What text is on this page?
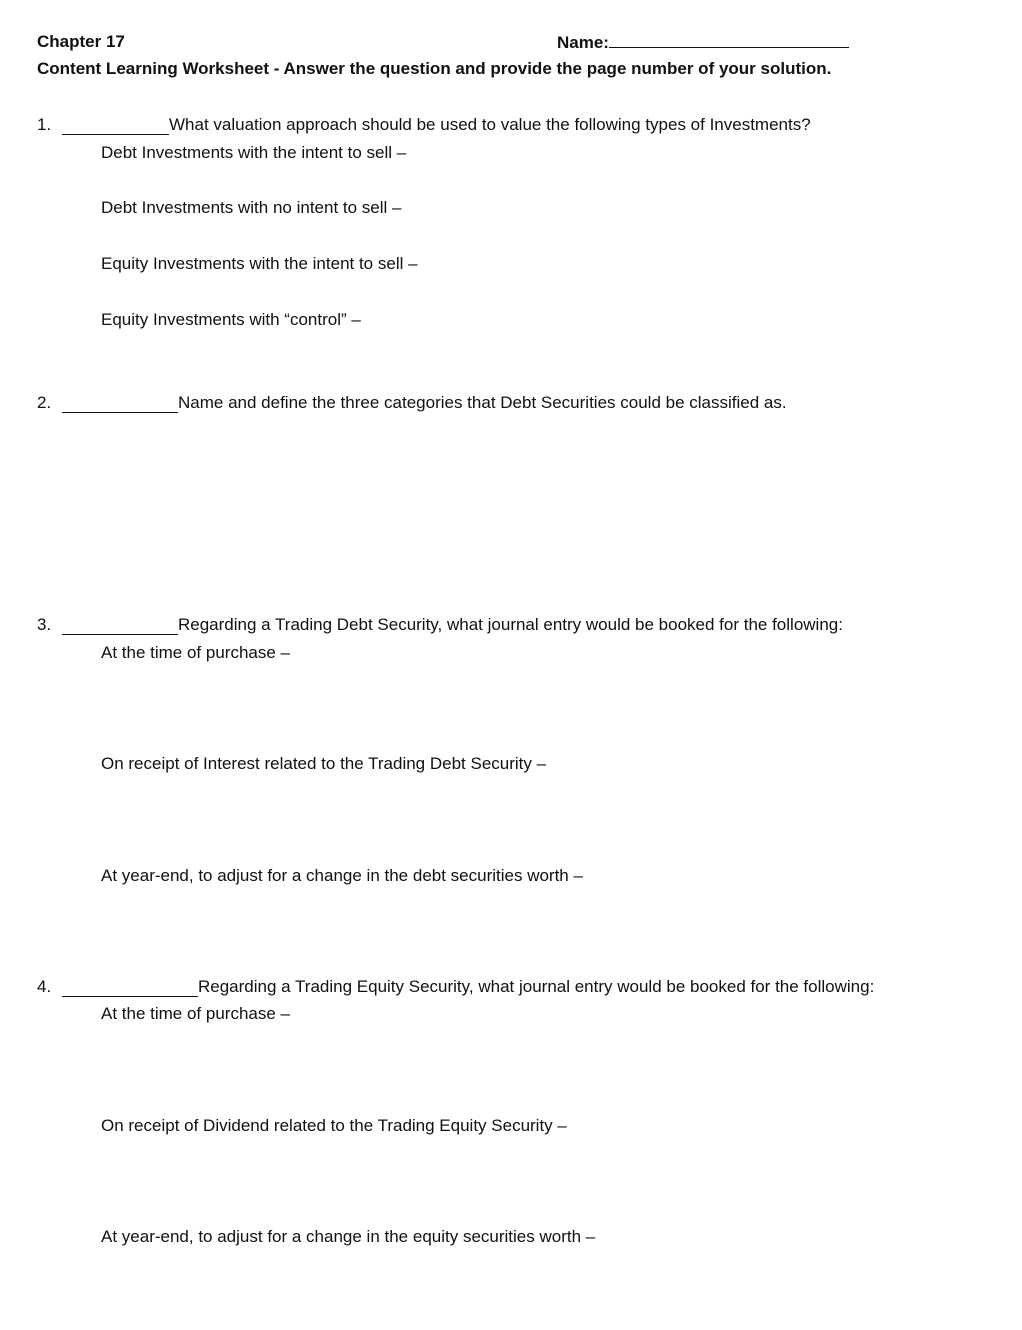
Chapter 17	Name:
Content Learning Worksheet - Answer the question and provide the page number of your solution.
1.	What valuation approach should be used to value the following types of Investments?
Debt Investments with the intent to sell –
Debt Investments with no intent to sell –
Equity Investments with the intent to sell –
Equity Investments with “control” –
2.	Name and define the three categories that Debt Securities could be classified as.
3.	Regarding a Trading Debt Security, what journal entry would be booked for the following:
At the time of purchase –
On receipt of Interest related to the Trading Debt Security –
At year-end, to adjust for a change in the debt securities worth –
4.	Regarding a Trading Equity Security, what journal entry would be booked for the following:
At the time of purchase –
On receipt of Dividend related to the Trading Equity Security –
At year-end, to adjust for a change in the equity securities worth –
